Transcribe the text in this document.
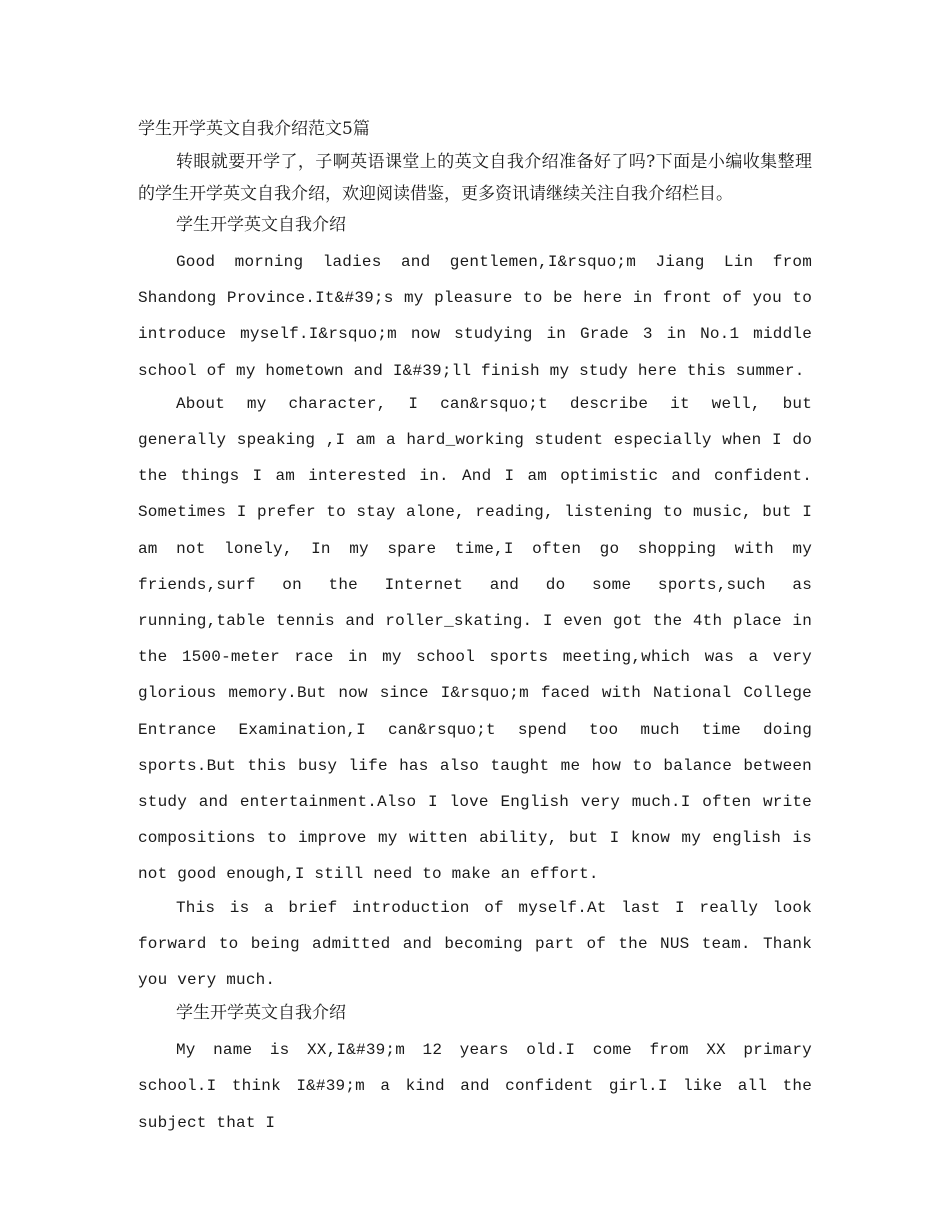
学生开学英文自我介绍范文5篇

转眼就要开学了，子啊英语课堂上的英文自我介绍准备好了吗?下面是小编收集整理的学生开学英文自我介绍，欢迎阅读借鉴，更多资讯请继续关注自我介绍栏目。

学生开学英文自我介绍

Good morning ladies and gentlemen,I&rsquo;m Jiang Lin from Shandong Province.It&#39;s my pleasure to be here in front of you to introduce myself.I&rsquo;m now studying in Grade 3 in No.1 middle school of my hometown and I&#39;ll finish my study here this summer.

About my character, I can&rsquo;t describe it well, but generally speaking ,I am a hard_working student especially when I do the things I am interested in. And I am optimistic and confident. Sometimes I prefer to stay alone, reading, listening to music, but I am not lonely, In my spare time,I often go shopping with my friends,surf on the Internet and do some sports,such as running,table tennis and roller_skating. I even got the 4th place in the 1500-meter race in my school sports meeting,which was a very glorious memory.But now since I&rsquo;m faced with National College Entrance Examination,I can&rsquo;t spend too much time doing sports.But this busy life has also taught me how to balance between study and entertainment.Also I love English very much.I often write compositions to improve my witten ability, but I know my english is not good enough,I still need to make an effort.

This is a brief introduction of myself.At last I really look forward to being admitted and becoming part of the NUS team. Thank you very much.

学生开学英文自我介绍

My name is XX,I&#39;m 12 years old.I come from XX primary school.I think I&#39;m a kind and confident girl.I like all the subject that I
